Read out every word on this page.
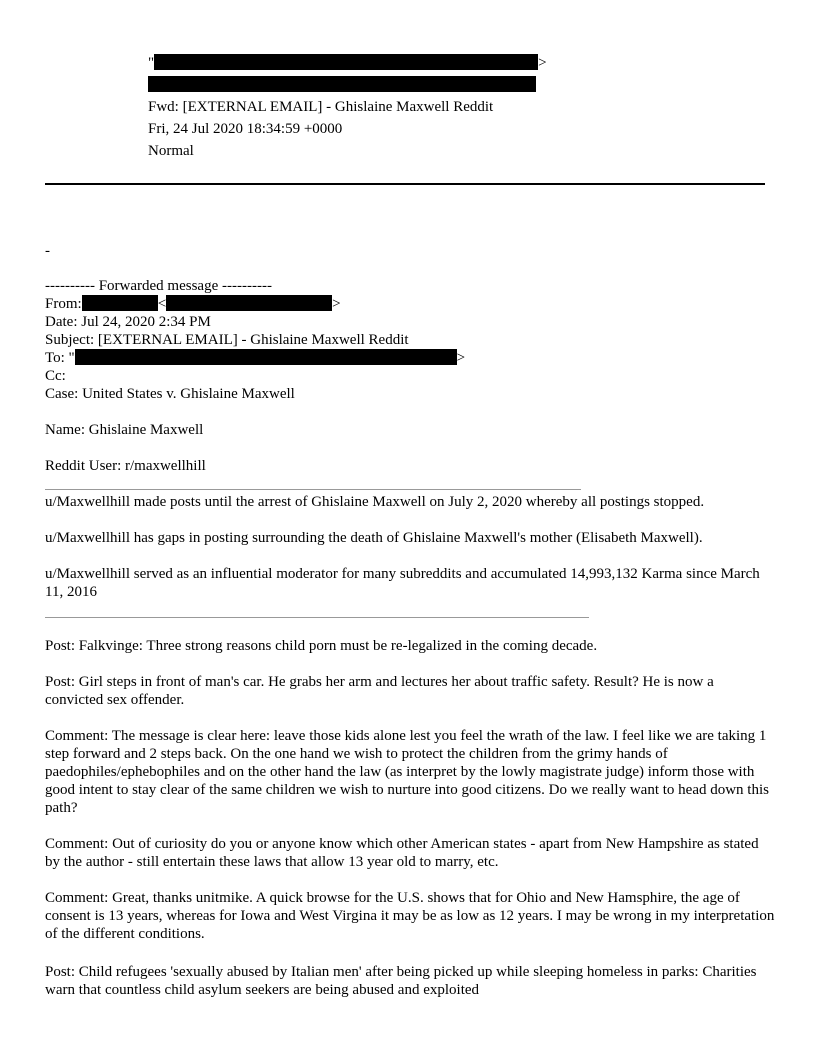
"	>
Fwd: [EXTERNAL EMAIL] - Ghislaine Maxwell Reddit
Fri, 24 Jul 2020 18:34:59 +0000
Normal
-
---------- Forwarded message ----------
From:	<	>
Date: Jul 24, 2020 2:34 PM
Subject: [EXTERNAL EMAIL] - Ghislaine Maxwell Reddit
To: "	>
Cc:
Case: United States v. Ghislaine Maxwell
Name: Ghislaine Maxwell
Reddit User: r/maxwellhill
u/Maxwellhill made posts until the arrest of Ghislaine Maxwell on July 2, 2020 whereby all postings stopped.
u/Maxwellhill has gaps in posting surrounding the death of Ghislaine Maxwell's mother (Elisabeth Maxwell).
u/Maxwellhill served as an influential moderator for many subreddits and accumulated 14,993,132 Karma since March 11, 2016
Post: Falkvinge: Three strong reasons child porn must be re-legalized in the coming decade.
Post: Girl steps in front of man's car. He grabs her arm and lectures her about traffic safety. Result? He is now a convicted sex offender.
Comment: The message is clear here: leave those kids alone lest you feel the wrath of the law. I feel like we are taking 1 step forward and 2 steps back. On the one hand we wish to protect the children from the grimy hands of paedophiles/ephebophiles and on the other hand the law (as interpret by the lowly magistrate judge) inform those with good intent to stay clear of the same children we wish to nurture into good citizens. Do we really want to head down this path?
Comment: Out of curiosity do you or anyone know which other American states - apart from New Hampshire as stated by the author - still entertain these laws that allow 13 year old to marry, etc.
Comment: Great, thanks unitmike. A quick browse for the U.S. shows that for Ohio and New Hamsphire, the age of consent is 13 years, whereas for Iowa and West Virgina it may be as low as 12 years. I may be wrong in my interpretation of the different conditions.
Post: Child refugees 'sexually abused by Italian men' after being picked up while sleeping homeless in parks: Charities warn that countless child asylum seekers are being abused and exploited
